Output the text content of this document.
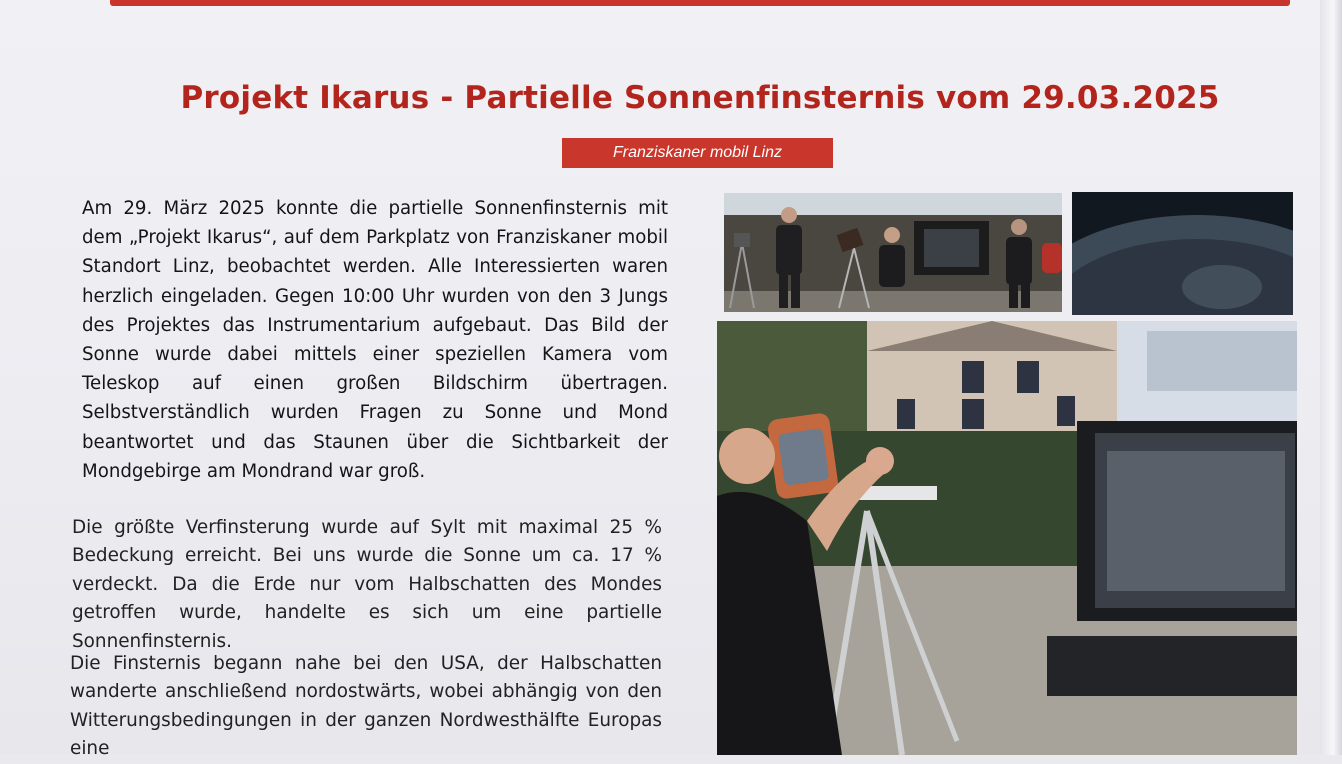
Projekt Ikarus - Partielle Sonnenfinsternis vom 29.03.2025
Franziskaner mobil Linz

Am 29. März 2025 konnte die partielle Sonnenfinsternis mit dem „Projekt Ikarus“, auf dem Parkplatz von Franziskaner mobil Standort Linz, beobachtet werden. Alle Interessierten waren herzlich eingeladen. Gegen 10:00 Uhr wurden von den 3 Jungs des Projektes das Instrumentarium aufgebaut. Das Bild der Sonne wurde dabei mittels einer speziellen Kamera vom Teleskop auf einen großen Bildschirm übertragen. Selbstverständlich wurden Fragen zu Sonne und Mond beantwortet und das Staunen über die Sichtbarkeit der Mondgebirge am Mondrand war groß.

Die größte Verfinsterung wurde auf Sylt mit maximal 25 % Bedeckung erreicht. Bei uns wurde die Sonne um ca. 17 % verdeckt. Da die Erde nur vom Halbschatten des Mondes getroffen wurde, handelte es sich um eine partielle Sonnenfinsternis.

Die Finsternis begann nahe bei den USA, der Halbschatten wanderte anschließend nordostwärts, wobei abhängig von den Witterungsbedingungen in der ganzen Nordwesthälfte Europas eine
